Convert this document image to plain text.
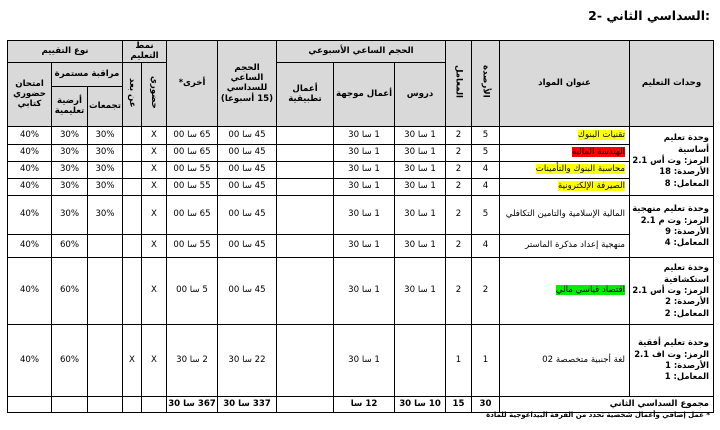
2- السداسي الثاني:
وحدات التعليم	عنوان المواد	الأرصدة	المعامل	الحجم الساعي الأسبوعي			الحجم الساعي للسداسي (15 أسبوعا)	أخرى*	نمط التعليم		نوع التقييم		
				دروس	أعمال موجهة	أعمال تطبيقية			حضوري	عن بعد	مراقبة مستمرة		امتحان حضوري كتابي
											تجمعات	أرضية تعليمية	

وحدة تعليم أساسية
الرمز: وت أس 2.1
الأرصدة: 18
المعامل: 8	تقنيات البنوك	5	2	1 سا 30	1 سا 30		45 سا 00	65 سا 00	X		30%	30%	40%
	الهندسة المالية	5	2	1 سا 30	1 سا 30		45 سا 00	65 سا 00	X		30%	30%	40%
	محاسبة البنوك والتأمينات	4	2	1 سا 30	1 سا 30		45 سا 00	55 سا 00	X		30%	30%	40%
	الصيرفة الإلكترونية	4	2	1 سا 30	1 سا 30		45 سا 00	55 سا 00	X		30%	30%	40%

وحدة تعليم منهجية
الرمز: وت م 2.1
الأرصدة: 9
المعامل: 4	المالية الإسلامية والتامين التكافلي	5	2	1 سا 30	1 سا 30		45 سا 00	65 سا 00	X		30%	30%	40%
	منهجية إعداد مذكرة الماستر	4	2	1 سا 30	1 سا 30		45 سا 00	55 سا 00	X			60%	40%

وحدة تعليم استكشافية
الرمز: وت أس 2.1
الأرصدة: 2
المعامل: 2	اقتصاد قياسي مالي	2	2	1 سا 30	1 سا 30		45 سا 00	5 سا 00	X			60%	40%

وحدة تعليم أفقية
الرمز: وت اف 2.1
الأرصدة: 1
المعامل: 1	لغة أجنبية متخصصة 02	1	1		1 سا 30		22 سا 30	2 سا 30	X	X		60%	40%
مجموع السداسي الثاني		30	15	10 سا 30	12 سا		337 سا 30	367 سا 30					
* عمل إضافي وأعمال شخصية تحدد من الفرقة البيداغوجية للمادة
